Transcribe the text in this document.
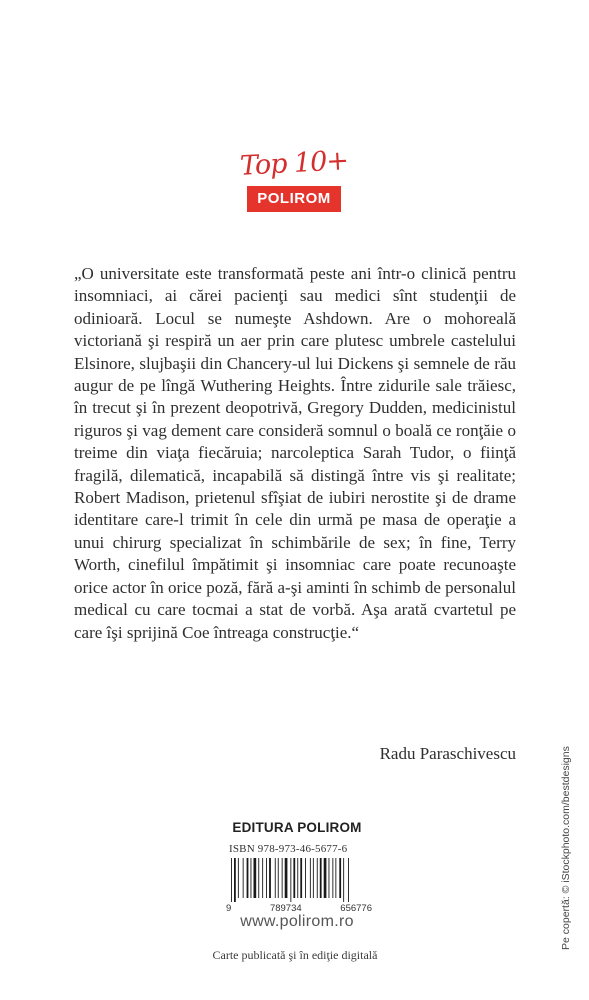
Top 10+
POLIROM

„O universitate este transformată peste ani într-o clinică pentru insomniaci, ai cărei pacienţi sau medici sînt studenţii de odinioară. Locul se numeşte Ashdown. Are o mohoreală victoriană şi respiră un aer prin care plutesc umbrele castelului Elsinore, slujbaşii din Chancery-ul lui Dickens şi semnele de rău augur de pe lîngă Wuthering Heights. Între zidurile sale trăiesc, în trecut şi în prezent deopotrivă, Gregory Dudden, medicinistul riguros şi vag dement care consideră somnul o boală ce ronţăie o treime din viaţa fiecăruia; narcoleptica Sarah Tudor, o fiinţă fragilă, dilematică, incapabilă să distingă între vis şi realitate; Robert Madison, prietenul sfîşiat de iubiri nerostite şi de drame identitare care-l trimit în cele din urmă pe masa de operaţie a unui chirurg specializat în schimbările de sex; în fine, Terry Worth, cinefilul împătimit şi insomniac care poate recunoaşte orice actor în orice poză, fără a-şi aminti în schimb de personalul medical cu care tocmai a stat de vorbă. Aşa arată cvartetul pe care îşi sprijină Coe întreaga construcţie.“

Radu Paraschivescu
EDITURA POLIROM
ISBN 978-973-46-5677-6
9	789734	656776
www.polirom.ro
Carte publicată şi în ediţie digitală
Pe copertă: © iStockphoto.com/bestdesigns
